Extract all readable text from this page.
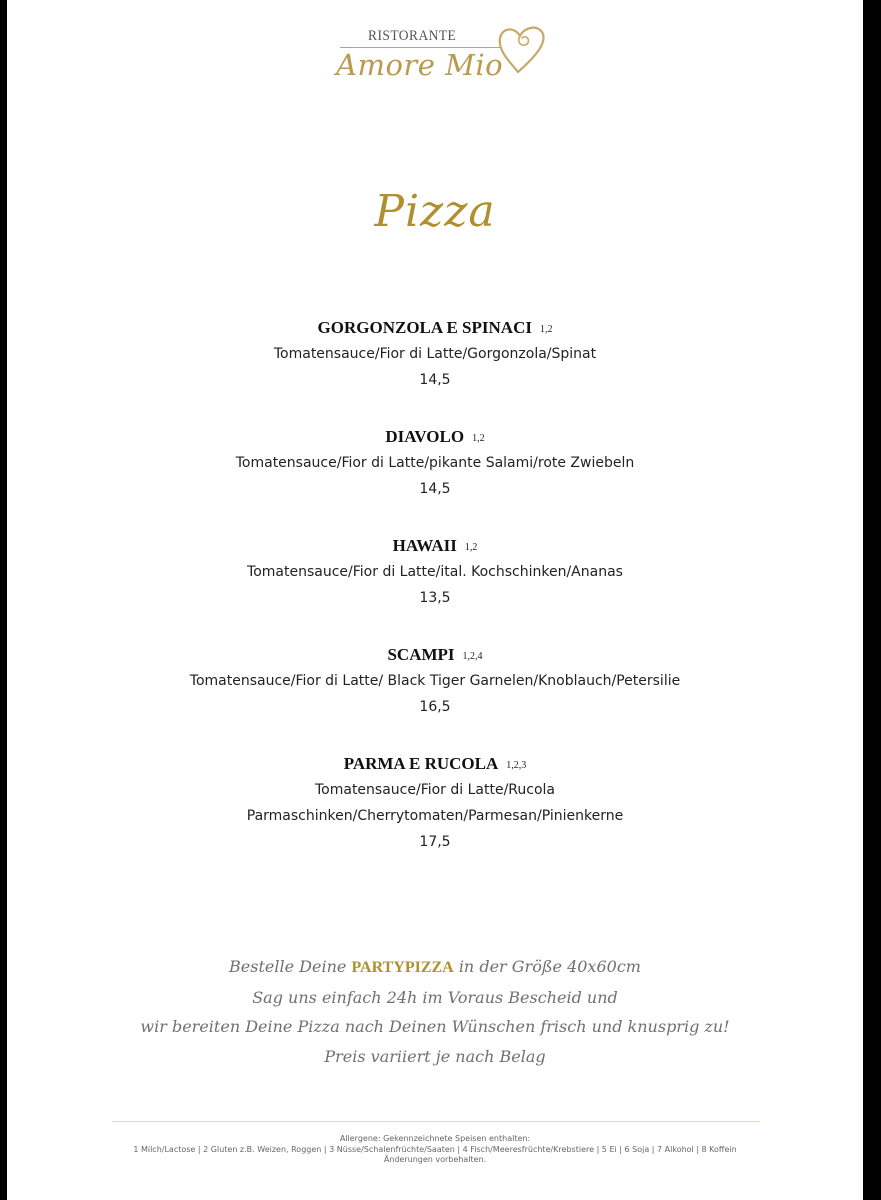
RISTORANTE
Amore Mio
Pizza
GORGONZOLA E SPINACI 1,2
Tomatensauce/Fior di Latte/Gorgonzola/Spinat
14,5
DIAVOLO 1,2
Tomatensauce/Fior di Latte/pikante Salami/rote Zwiebeln
14,5
HAWAII 1,2
Tomatensauce/Fior di Latte/ital. Kochschinken/Ananas
13,5
SCAMPI 1,2,4
Tomatensauce/Fior di Latte/ Black Tiger Garnelen/Knoblauch/Petersilie
16,5
PARMA E RUCOLA 1,2,3
Tomatensauce/Fior di Latte/Rucola
Parmaschinken/Cherrytomaten/Parmesan/Pinienkerne
17,5
Bestelle Deine PARTYPIZZA in der Größe 40x60cm
Sag uns einfach 24h im Voraus Bescheid und
wir bereiten Deine Pizza nach Deinen Wünschen frisch und knusprig zu!
Preis variiert je nach Belag
Allergene: Gekennzeichnete Speisen enthalten:
1 Milch/Lactose | 2 Gluten z.B. Weizen, Roggen | 3 Nüsse/Schalenfrüchte/Saaten | 4 Fisch/Meeresfrüchte/Krebstiere | 5 Ei | 6 Soja | 7 Alkohol | 8 Koffein
Änderungen vorbehalten.
